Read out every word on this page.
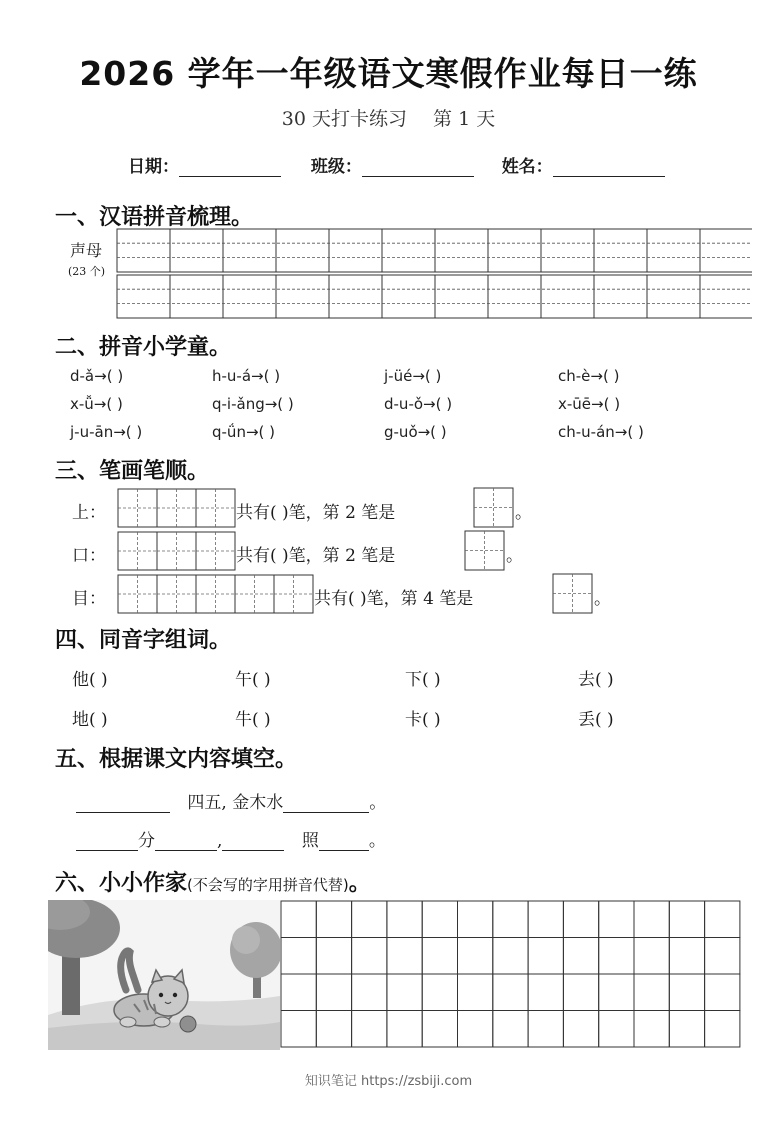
2026 学年一年级语文寒假作业每日一练
30 天打卡练习 第 1 天
日期：	班级：	姓名：
一、汉语拼音梳理。
声母
(23 个)
二、拼音小学童。
d-ǎ→( )	h-u-á→( )	j-üé→( )	ch-è→( )
x-ǚ→( )	q-i-ǎng→( )	d-u-ǒ→( )	x-ūē→( )
j-u-ān→( )	q-ǘn→( )	g-uǒ→( )	ch-u-án→( )
三、笔画笔顺。
上：	共有( )笔，第 2 笔是	。
口：	共有( )笔，第 2 笔是	。
目：	共有( )笔，第 4 笔是	。
四、同音字组词。
他( )	午( )	下( )	去( )
地( )	牛( )	卡( )	丢( )
五、根据课文内容填空。
四五, 金木水	。
分	,	照	。
六、小小作家(不会写的字用拼音代替)。
知识笔记 https://zsbiji.com
